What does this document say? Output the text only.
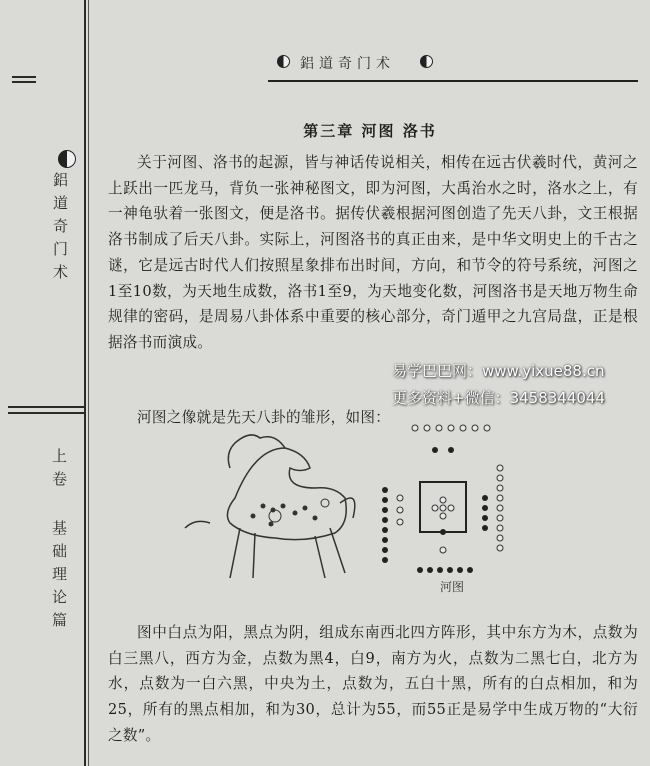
鋁道奇门术
上卷 基础理论篇
鋁道奇门术
第三章 河图 洛书

关于河图、洛书的起源，皆与神话传说相关，相传在远古伏羲时代，黄河之上跃出一匹龙马，背负一张神秘图文，即为河图，大禹治水之时，洛水之上，有一神龟驮着一张图文，便是洛书。据传伏羲根据河图创造了先天八卦，文王根据洛书制成了后天八卦。实际上，河图洛书的真正由来，是中华文明史上的千古之谜，它是远古时代人们按照星象排布出时间，方向，和节令的符号系统，河图之1至10数，为天地生成数，洛书1至9，为天地变化数，河图洛书是天地万物生命规律的密码，是周易八卦体系中重要的核心部分，奇门遁甲之九宫局盘，正是根据洛书而演成。

河图之像就是先天八卦的雏形，如图：

河图

图中白点为阳，黑点为阴，组成东南西北四方阵形，其中东方为木，点数为白三黑八，西方为金，点数为黑4，白9，南方为火，点数为二黑七白，北方为水，点数为一白六黑，中央为土，点数为，五白十黑，所有的白点相加，和为25，所有的黑点相加，和为30，总计为55，而55正是易学中生成万物的“大衍之数”。

易学巴巴网：www.yixue88.cn
更多资料+微信：3458344044
